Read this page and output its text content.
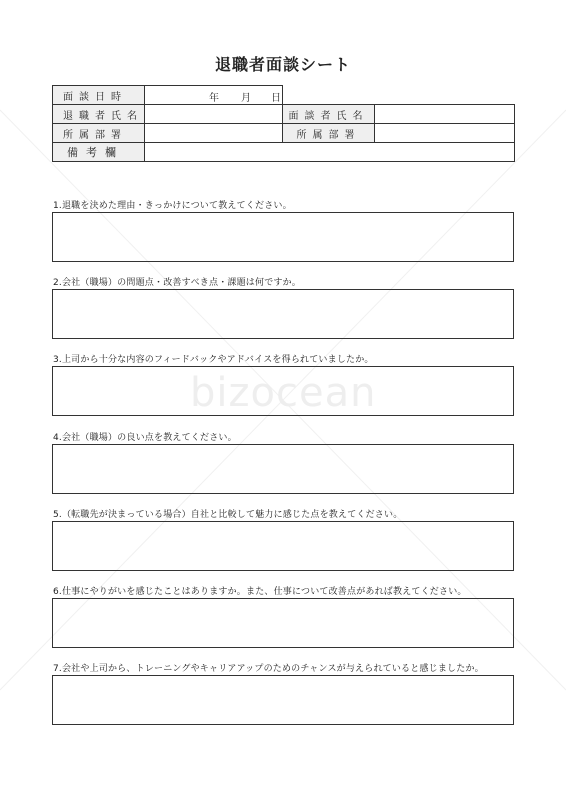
bizocean
退職者面談シート
面談日時	年 月 日		

退職者氏名		面談者氏名	
所属部署		所属部署	
備考欄			
1.退職を決めた理由・きっかけについて教えてください。
2.会社（職場）の問題点・改善すべき点・課題は何ですか。
3.上司から十分な内容のフィードバックやアドバイスを得られていましたか。
4.会社（職場）の良い点を教えてください。
5.（転職先が決まっている場合）自社と比較して魅力に感じた点を教えてください。
6.仕事にやりがいを感じたことはありますか。また、仕事について改善点があれば教えてください。
7.会社や上司から、トレーニングやキャリアアップのためのチャンスが与えられていると感じましたか。
